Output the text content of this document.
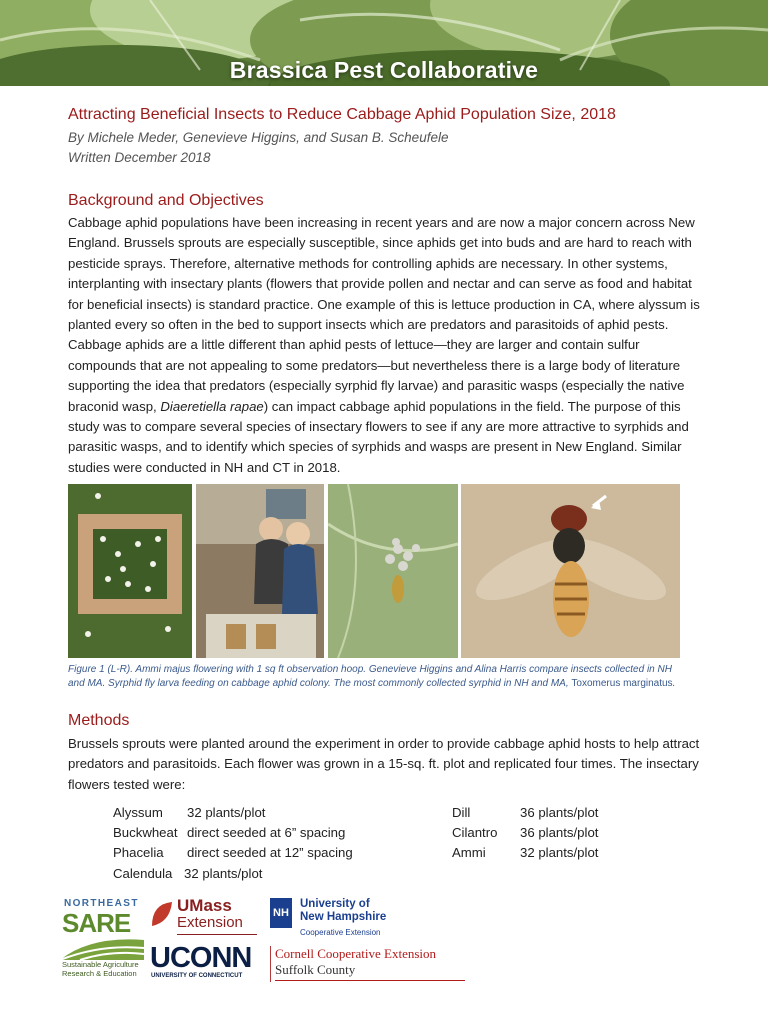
Brassica Pest Collaborative
Attracting Beneficial Insects to Reduce Cabbage Aphid Population Size, 2018
By Michele Meder, Genevieve Higgins, and Susan B. Scheufele
Written December 2018
Background and Objectives
Cabbage aphid populations have been increasing in recent years and are now a major concern across New England. Brussels sprouts are especially susceptible, since aphids get into buds and are hard to reach with pesticide sprays. Therefore, alternative methods for controlling aphids are necessary. In other systems, interplanting with insectary plants (flowers that provide pollen and nectar and can serve as food and habitat for beneficial insects) is standard practice. One example of this is lettuce production in CA, where alyssum is planted every so often in the bed to support insects which are predators and parasitoids of aphid pests. Cabbage aphids are a little different than aphid pests of lettuce—they are larger and contain sulfur compounds that are not appealing to some predators—but nevertheless there is a large body of literature supporting the idea that predators (especially syrphid fly larvae) and parasitic wasps (especially the native braconid wasp, Diaeretiella rapae) can impact cabbage aphid populations in the field. The purpose of this study was to compare several species of insectary flowers to see if any are more attractive to syrphids and parasitic wasps, and to identify which species of syrphids and wasps are present in New England. Similar studies were conducted in NH and CT in 2018.
Figure 1 (L-R). Ammi majus flowering with 1 sq ft observation hoop. Genevieve Higgins and Alina Harris compare insects collected in NH and MA. Syrphid fly larva feeding on cabbage aphid colony. The most commonly collected syrphid in NH and MA, Toxomerus marginatus.
Methods
Brussels sprouts were planted around the experiment in order to provide cabbage aphid hosts to help attract predators and parasitoids. Each flower was grown in a 15-sq. ft. plot and replicated four times. The insectary flowers tested were:
Alyssum 32 plants/plot
Buckwheat direct seeded at 6” spacing
Phacelia direct seeded at 12” spacing
Calendula 32 plants/plot
Dill	36 plants/plot
Cilantro 36 plants/plot
Ammi	32 plants/plot
NORTHEAST
SARE
Sustainable Agriculture
Research & Education
UMass
Extension
NH
University of
New Hampshire
Cooperative Extension
UCONN
UNIVERSITY OF CONNECTICUT
Cornell Cooperative Extension
Suffolk County
